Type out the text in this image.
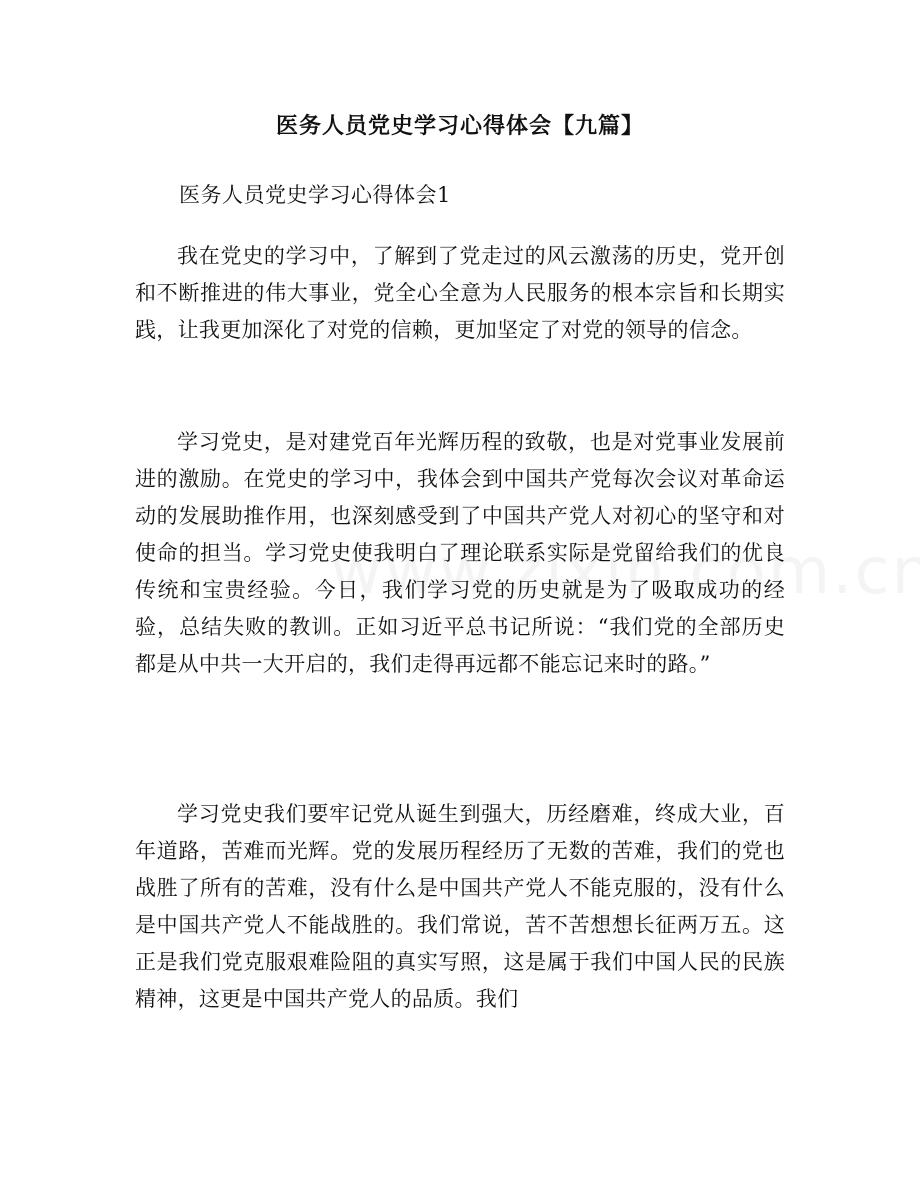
医务人员党史学习心得体会【九篇】

医务人员党史学习心得体会1

我在党史的学习中，了解到了党走过的风云激荡的历史，党开创和不断推进的伟大事业，党全心全意为人民服务的根本宗旨和长期实践，让我更加深化了对党的信赖，更加坚定了对党的领导的信念。

学习党史，是对建党百年光辉历程的致敬，也是对党事业发展前进的激励。在党史的学习中，我体会到中国共产党每次会议对革命运动的发展助推作用，也深刻感受到了中国共产党人对初心的坚守和对使命的担当。学习党史使我明白了理论联系实际是党留给我们的优良传统和宝贵经验。今日，我们学习党的历史就是为了吸取成功的经验，总结失败的教训。正如习近平总书记所说：“我们党的全部历史都是从中共一大开启的，我们走得再远都不能忘记来时的路。”

学习党史我们要牢记党从诞生到强大，历经磨难，终成大业，百年道路，苦难而光辉。党的发展历程经历了无数的苦难，我们的党也战胜了所有的苦难，没有什么是中国共产党人不能克服的，没有什么是中国共产党人不能战胜的。我们常说，苦不苦想想长征两万五。这正是我们党克服艰难险阻的真实写照，这是属于我们中国人民的民族精神，这更是中国共产党人的品质。我们
